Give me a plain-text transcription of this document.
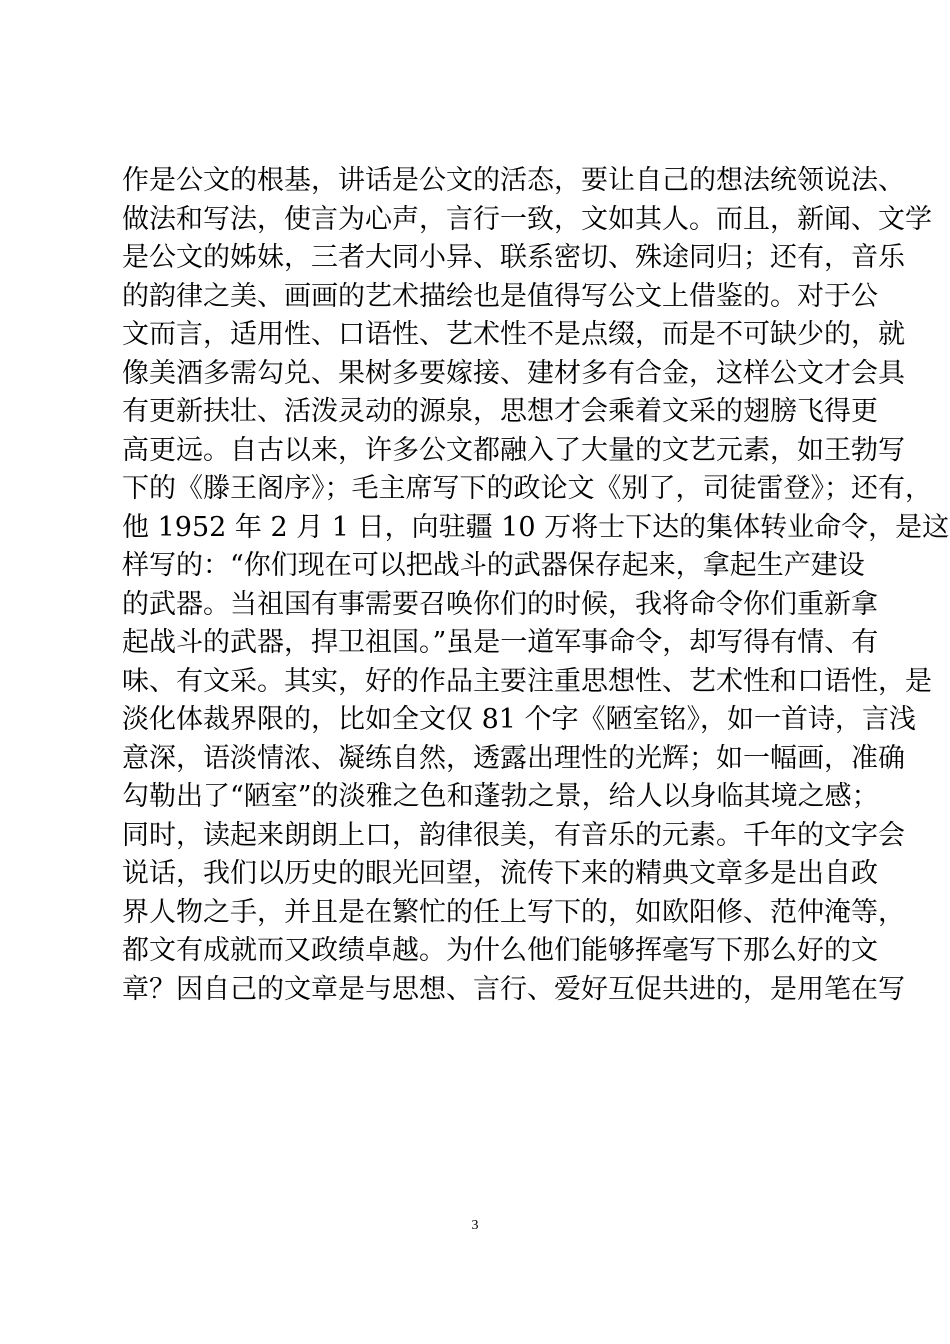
作是公文的根基，讲话是公文的活态，要让自己的想法统领说法、
做法和写法，使言为心声，言行一致，文如其人。而且，新闻、文学
是公文的姊妹，三者大同小异、联系密切、殊途同归；还有，音乐
的韵律之美、画画的艺术描绘也是值得写公文上借鉴的。对于公
文而言，适用性、口语性、艺术性不是点缀，而是不可缺少的，就
像美酒多需勾兑、果树多要嫁接、建材多有合金，这样公文才会具
有更新扶壮、活泼灵动的源泉，思想才会乘着文采的翅膀飞得更
高更远。自古以来，许多公文都融入了大量的文艺元素，如王勃写
下的《滕王阁序》；毛主席写下的政论文《别了，司徒雷登》；还有，
他 1952 年 2 月 1 日，向驻疆 10 万将士下达的集体转业命令，是这
样写的：“你们现在可以把战斗的武器保存起来，拿起生产建设
的武器。当祖国有事需要召唤你们的时候，我将命令你们重新拿
起战斗的武器，捍卫祖国。”虽是一道军事命令，却写得有情、有
味、有文采。其实，好的作品主要注重思想性、艺术性和口语性，是
淡化体裁界限的，比如全文仅 81 个字《陋室铭》，如一首诗，言浅
意深，语淡情浓、凝练自然，透露出理性的光辉；如一幅画，准确
勾勒出了“陋室”的淡雅之色和蓬勃之景，给人以身临其境之感；
同时，读起来朗朗上口，韵律很美，有音乐的元素。千年的文字会
说话，我们以历史的眼光回望，流传下来的精典文章多是出自政
界人物之手，并且是在繁忙的任上写下的，如欧阳修、范仲淹等，
都文有成就而又政绩卓越。为什么他们能够挥毫写下那么好的文
章？因自己的文章是与思想、言行、爱好互促共进的，是用笔在写
3
